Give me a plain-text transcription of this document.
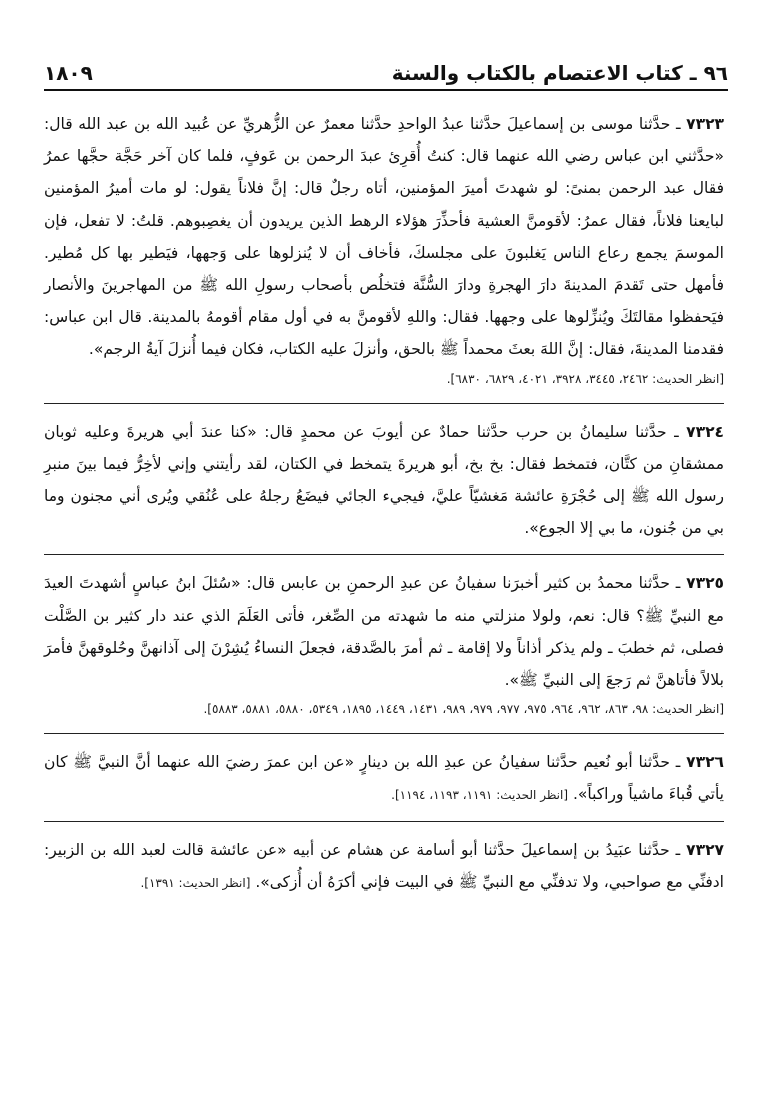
٩٦ ـ كتاب الاعتصام بالكتاب والسنة
١٨٠٩

٧٣٢٣ ـ حدَّثنا موسى بن إسماعيلَ حدَّثنا عبدُ الواحدِ حدَّثنا معمرٌ عن الزُّهريِّ عن عُبيد الله بن عبد الله قال: «حدَّثني ابن عباس رضي الله عنهما قال: كنتُ أُقرِئ عبدَ الرحمن بن عَوفٍ، فلما كان آخر حَجَّة حجَّها عمرُ فقال عبد الرحمن بمنىً: لو شهدتَ أميرَ المؤمنين، أتاه رجلٌ قال: إنَّ فلاناً يقول: لو مات أميرُ المؤمنين لبايعنا فلاناً، فقال عمرُ: لأقومنَّ العشية فأحذِّرَ هؤلاء الرهط الذين يريدون أن يغصِبوهم. قلتُ: لا تفعل، فإن الموسمَ يجمع رعاع الناس يَغلبونَ على مجلسكَ، فأخاف أن لا يُنزلوها على وَجهها، فيَطير بها كل مُطير. فأمهل حتى تَقدمَ المدينةَ دارَ الهجرةِ ودارَ السُّنَّة فتخلُص بأصحاب رسولِ الله ﷺ من المهاجرينَ والأنصار فيَحفظوا مقالتَكَ ويُنزِّلوها على وجهها. فقال: واللهِ لأقومنَّ به في أول مقام أقومهُ بالمدينة. قال ابن عباس: فقدمنا المدينةَ، فقال: إنَّ اللهَ بعثَ محمداً ﷺ بالحق، وأنزلَ عليه الكتاب، فكان فيما أُنزلَ آيةُ الرجم».

[انظر الحديث: ٢٤٦٢، ٣٤٤٥، ٣٩٢٨، ٤٠٢١، ٦٨٢٩، ٦٨٣٠].

٧٣٢٤ ـ حدَّثنا سليمانُ بن حرب حدَّثنا حمادٌ عن أيوبَ عن محمدٍ قال: «كنا عندَ أبي هريرةَ وعليه ثوبان ممشقانِ من كتَّان، فتمخط فقال: بخ بخ، أبو هريرةَ يتمخط في الكتان، لقد رأيتني وإني لأخِرُّ فيما بينَ منبرِ رسول الله ﷺ إلى حُجْرَةِ عائشة مَغشيّاً عليَّ، فيجيء الجائي فيضَعُ رجلهُ على عُنُقي ويُرى أني مجنون وما بي من جُنون، ما بي إلا الجوع».

٧٣٢٥ ـ حدَّثنا محمدُ بن كثير أخبرَنا سفيانُ عن عبدِ الرحمنِ بن عابس قال: «سُئلَ ابنُ عباسٍ أشهدتَ العيدَ مع النبيِّ ﷺ؟ قال: نعم، ولولا منزلتي منه ما شهدته من الصِّغر، فأتى العَلَمَ الذي عند دار كثير بن الصَّلْت فصلى، ثم خطبَ ـ ولم يذكر أذاناً ولا إقامة ـ ثم أمرَ بالصَّدقة، فجعلَ النساءُ يُشِرْنَ إلى آذانهنَّ وحُلوقهنَّ فأمرَ بلالاً فأتاهنَّ ثم رَجعَ إلى النبيِّ ﷺ».

[انظر الحديث: ٩٨، ٨٦٣، ٩٦٢، ٩٦٤، ٩٧٥، ٩٧٧، ٩٧٩، ٩٨٩، ١٤٣١، ١٤٤٩، ١٨٩٥، ٥٣٤٩، ٥٨٨٠، ٥٨٨١، ٥٨٨٣].

٧٣٢٦ ـ حدَّثنا أبو نُعيم حدَّثنا سفيانُ عن عبدِ الله بن دينارٍ «عن ابن عمرَ رضيَ الله عنهما أنَّ النبيَّ ﷺ كان يأتي قُباءَ ماشياً وراكباً». [انظر الحديث: ١١٩١، ١١٩٣، ١١٩٤].

٧٣٢٧ ـ حدَّثنا عبَيدُ بن إسماعيلَ حدَّثنا أبو أسامة عن هشام عن أبيه «عن عائشة قالت لعبد الله بن الزبير: ادفنِّي مع صواحبي، ولا تدفنِّي مع النبيِّ ﷺ في البيت فإني أكرَهُ أن أُزكى». [انظر الحديث: ١٣٩١].
